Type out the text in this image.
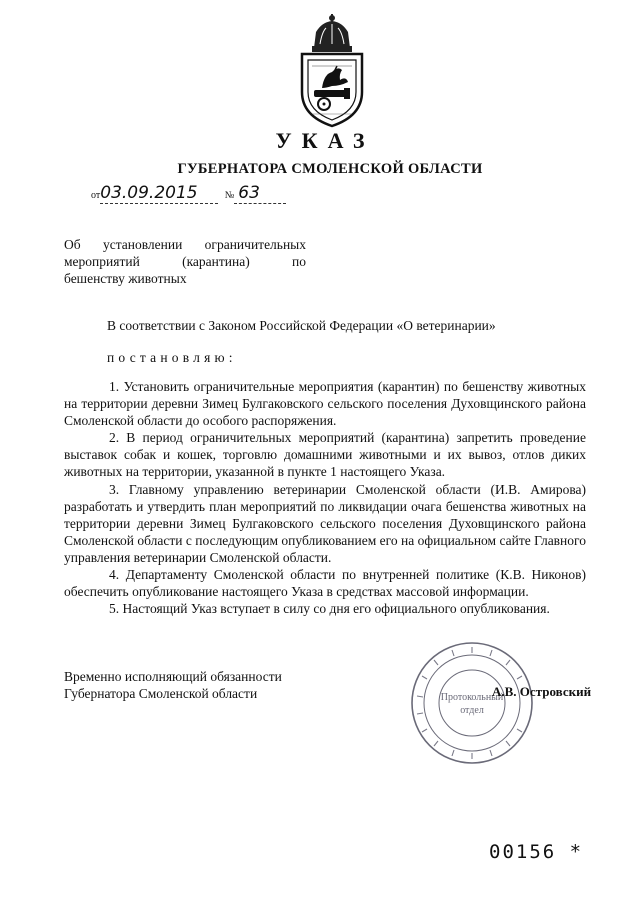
УКАЗ
ГУБЕРНАТОРА СМОЛЕНСКОЙ ОБЛАСТИ
от03.09.2015	№ 63
Об установлении ограничительных
мероприятий (карантина) по
бешенству животных
В соответствии с Законом Российской Федерации «О ветеринарии»
постановляю:

1. Установить ограничительные мероприятия (карантин) по бешенству животных на территории деревни Зимец Булгаковского сельского поселения Духовщинского района Смоленской области до особого распоряжения.

2. В период ограничительных мероприятий (карантина) запретить проведение выставок собак и кошек, торговлю домашними животными и их вывоз, отлов диких животных на территории, указанной в пункте 1 настоящего Указа.

3. Главному управлению ветеринарии Смоленской области (И.В. Амирова) разработать и утвердить план мероприятий по ликвидации очага бешенства животных на территории деревни Зимец Булгаковского сельского поселения Духовщинского района Смоленской области с последующим опубликованием его на официальном сайте Главного управления ветеринарии Смоленской области.

4. Департаменту Смоленской области по внутренней политике (К.В. Никонов) обеспечить опубликование настоящего Указа в средствах массовой информации.

5. Настоящий Указ вступает в силу со дня его официального опубликования.

Временно исполняющий обязанности
Губернатора Смоленской области	Протокольный
отдел
А.В. Островский
00156 *
